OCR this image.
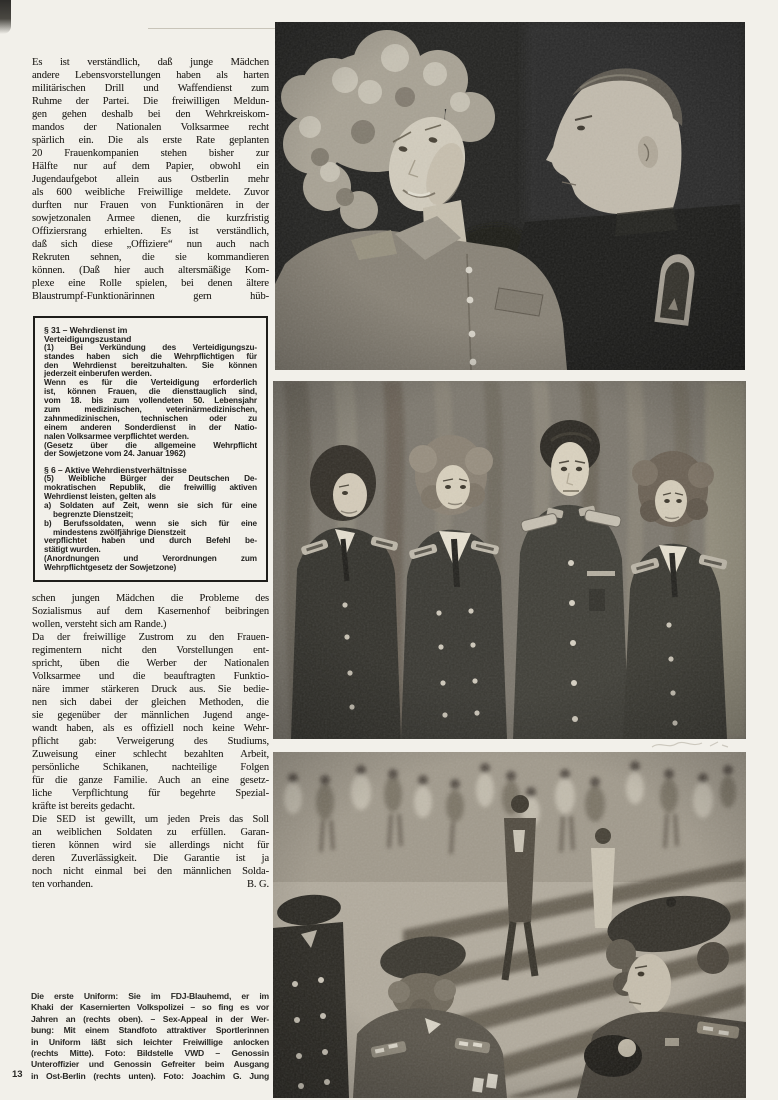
Es ist verständlich, daß junge Mädchen
andere Lebensvorstellungen haben als harten
militärischen Drill und Waffendienst zum
Ruhme der Partei. Die freiwilligen Meldun-
gen gehen deshalb bei den Wehrkreiskom-
mandos der Nationalen Volksarmee recht
spärlich ein. Die als erste Rate geplanten
20 Frauenkompanien stehen bisher zur
Hälfte nur auf dem Papier, obwohl ein
Jugendaufgebot allein aus Ostberlin mehr
als 600 weibliche Freiwillige meldete. Zuvor
durften nur Frauen von Funktionären in der
sowjetzonalen Armee dienen, die kurzfristig
Offiziersrang erhielten. Es ist verständlich,
daß sich diese „Offiziere“ nun auch nach
Rekruten sehnen, die sie kommandieren
können. (Daß hier auch altersmäßige Kom-
plexe eine Rolle spielen, bei denen ältere
Blaustrumpf-Funktionärinnen gern hüb-
§ 31 – Wehrdienst im
Verteidigungszustand
(1) Bei Verkündung des Verteidigungszu-
standes haben sich die Wehrpflichtigen für
den Wehrdienst bereitzuhalten. Sie können
jederzeit einberufen werden.
Wenn es für die Verteidigung erforderlich
ist, können Frauen, die diensttauglich sind,
vom 18. bis zum vollendeten 50. Lebensjahr
zum medizinischen, veterinärmedizinischen,
zahnmedizinischen, technischen oder zu
einem anderen Sonderdienst in der Natio-
nalen Volksarmee verpflichtet werden.
(Gesetz über die allgemeine Wehrpflicht
der Sowjetzone vom 24. Januar 1962)
§ 6 – Aktive Wehrdienstverhältnisse
(5) Weibliche Bürger der Deutschen De-
mokratischen Republik, die freiwillig aktiven
Wehrdienst leisten, gelten als
a) Soldaten auf Zeit, wenn sie sich für eine
begrenzte Dienstzeit;
b) Berufssoldaten, wenn sie sich für eine
mindestens zwölfjährige Dienstzeit
verpflichtet haben und durch Befehl be-
stätigt wurden.
(Anordnungen und Verordnungen zum
Wehrpflichtgesetz der Sowjetzone)
schen jungen Mädchen die Probleme des
Sozialismus auf dem Kasernenhof beibringen
wollen, versteht sich am Rande.)
Da der freiwillige Zustrom zu den Frauen-
regimentern nicht den Vorstellungen ent-
spricht, üben die Werber der Nationalen
Volksarmee und die beauftragten Funktio-
näre immer stärkeren Druck aus. Sie bedie-
nen sich dabei der gleichen Methoden, die
sie gegenüber der männlichen Jugend ange-
wandt haben, als es offiziell noch keine Wehr-
pflicht gab: Verweigerung des Studiums,
Zuweisung einer schlecht bezahlten Arbeit,
persönliche Schikanen, nachteilige Folgen
für die ganze Familie. Auch an eine gesetz-
liche Verpflichtung für begehrte Spezial-
kräfte ist bereits gedacht.
Die SED ist gewillt, um jeden Preis das Soll
an weiblichen Soldaten zu erfüllen. Garan-
tieren können wird sie allerdings nicht für
deren Zuverlässigkeit. Die Garantie ist ja
noch nicht einmal bei den männlichen Solda-
ten vorhanden.	B. G.
Die erste Uniform: Sie im FDJ-Blauhemd, er im
Khaki der Kasernierten Volkspolizei – so fing es vor
Jahren an (rechts oben). – Sex-Appeal in der Wer-
bung: Mit einem Standfoto attraktiver Sportlerinnen
in Uniform läßt sich leichter Freiwillige anlocken
(rechts Mitte). Foto: Bildstelle VWD – Genossin
Unteroffizier und Genossin Gefreiter beim Ausgang
in Ost-Berlin (rechts unten). Foto: Joachim G. Jung
13
